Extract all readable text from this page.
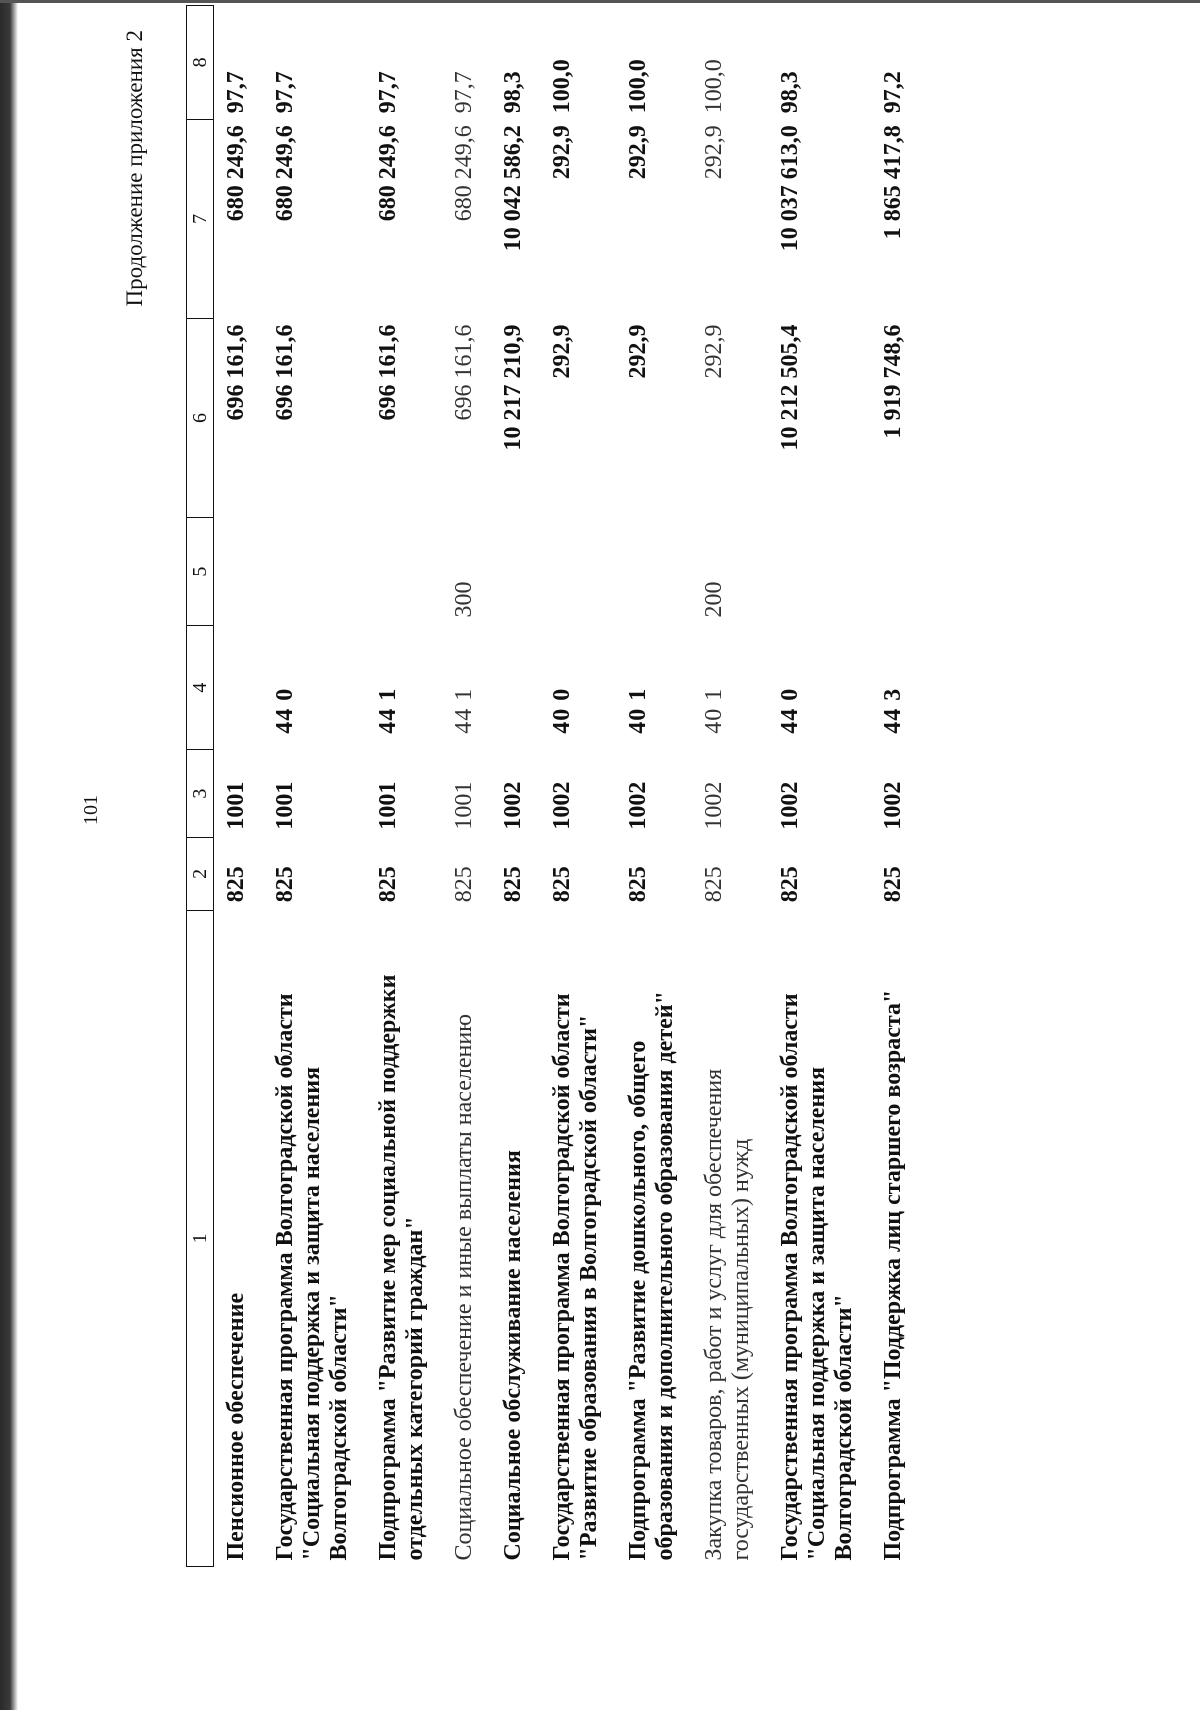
101
Продолжение приложения 2
1	2	3	4	5	6	7	8
Пенсионное обеспечение	825	1001			696 161,6	680 249,6	97,7
Государственная программа Волгоградской области "Социальная поддержка и защита населения Волгоградской области"	825	1001	44 0		696 161,6	680 249,6	97,7
Подпрограмма "Развитие мер социальной поддержки отдельных категорий граждан"	825	1001	44 1		696 161,6	680 249,6	97,7
Социальное обеспечение и иные выплаты населению	825	1001	44 1	300	696 161,6	680 249,6	97,7
Социальное обслуживание населения	825	1002			10 217 210,9	10 042 586,2	98,3
Государственная программа Волгоградской области "Развитие образования в Волгоградской области"	825	1002	40 0		292,9	292,9	100,0
Подпрограмма "Развитие дошкольного, общего образования и дополнительного образования детей"	825	1002	40 1		292,9	292,9	100,0
Закупка товаров, работ и услуг для обеспечения государственных (муниципальных) нужд	825	1002	40 1	200	292,9	292,9	100,0
Государственная программа Волгоградской области "Социальная поддержка и защита населения Волгоградской области"	825	1002	44 0		10 212 505,4	10 037 613,0	98,3
Подпрограмма "Поддержка лиц старшего возраста"	825	1002	44 3		1 919 748,6	1 865 417,8	97,2
